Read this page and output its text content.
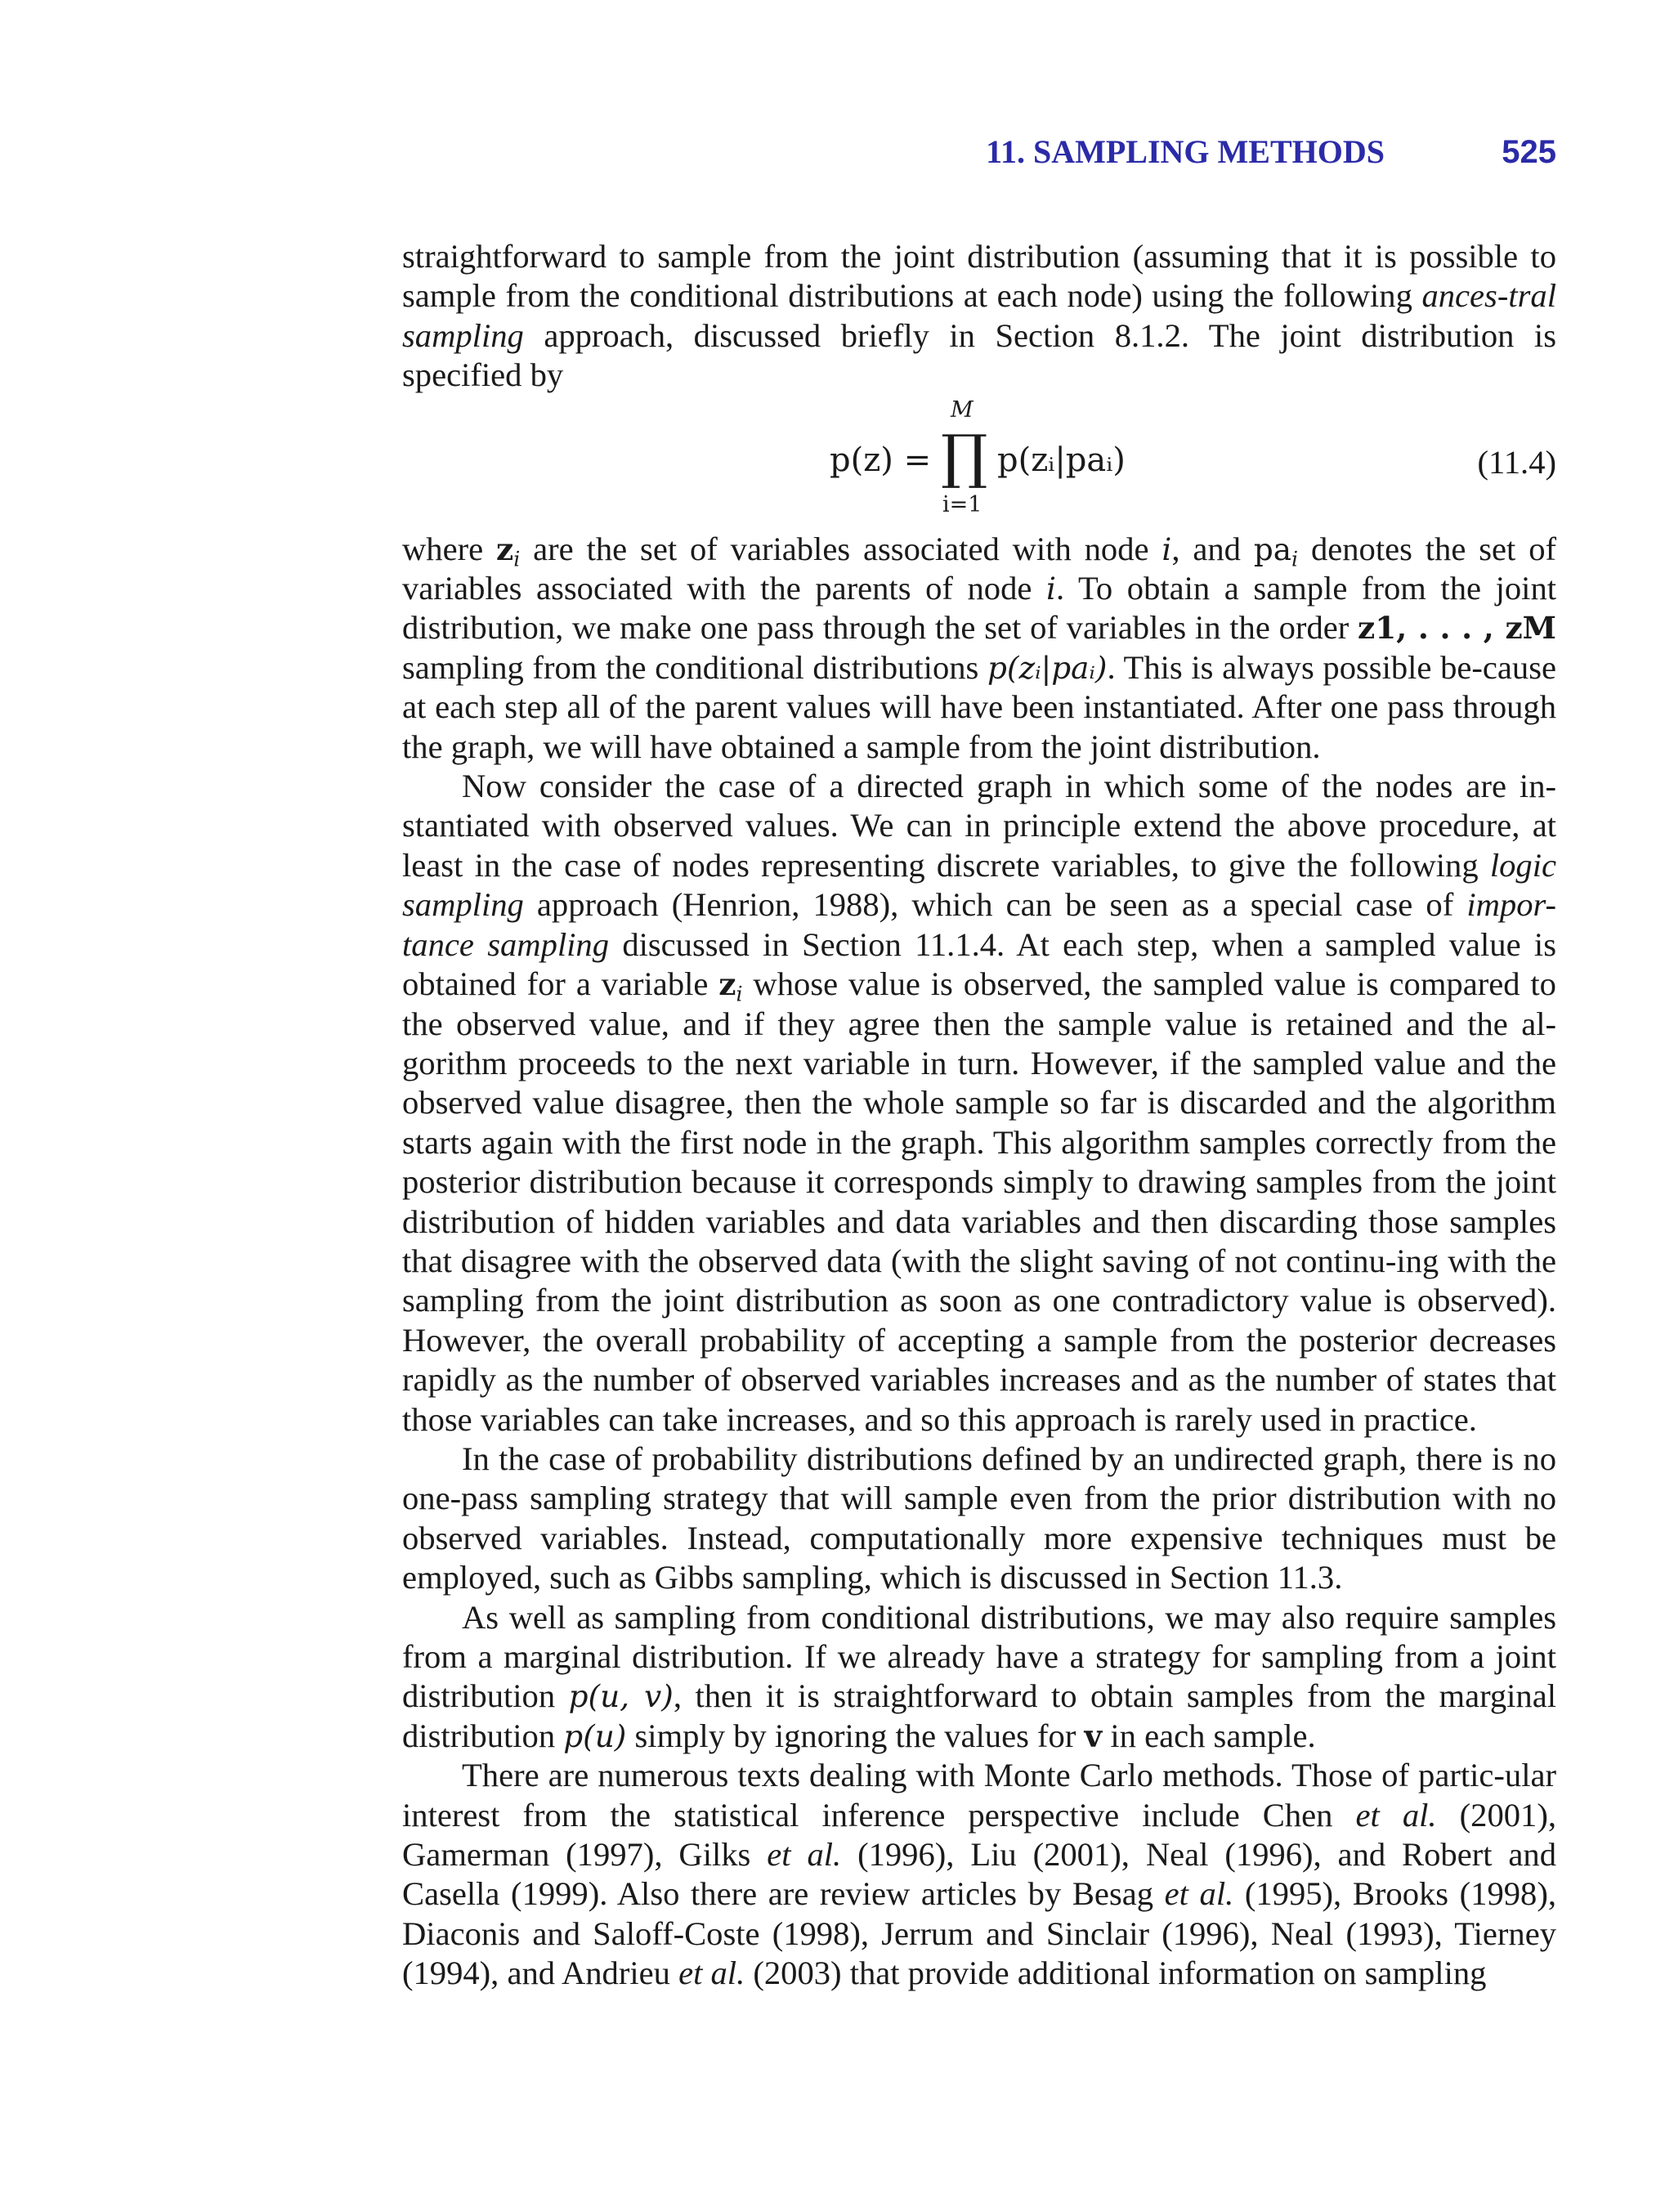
11. SAMPLING METHODS	525

straightforward to sample from the joint distribution (assuming that it is possible to sample from the conditional distributions at each node) using the following ances-tral sampling approach, discussed briefly in Section 8.1.2. The joint distribution is specified by

p(z) =
M
∏
i=1
p(zᵢ|paᵢ)	(11.4)

where $z_i$ are the set of variables associated with node i, and $pa_i$ denotes the set of variables associated with the parents of node i. To obtain a sample from the joint distribution, we make one pass through the set of variables in the order z1, . . . , zM sampling from the conditional distributions p(zᵢ|paᵢ). This is always possible be-cause at each step all of the parent values will have been instantiated. After one pass through the graph, we will have obtained a sample from the joint distribution.

Now consider the case of a directed graph in which some of the nodes are in-stantiated with observed values. We can in principle extend the above procedure, at least in the case of nodes representing discrete variables, to give the following logic sampling approach (Henrion, 1988), which can be seen as a special case of impor-tance sampling discussed in Section 11.1.4. At each step, when a sampled value is obtained for a variable $z_i$ whose value is observed, the sampled value is compared to the observed value, and if they agree then the sample value is retained and the al-gorithm proceeds to the next variable in turn. However, if the sampled value and the observed value disagree, then the whole sample so far is discarded and the algorithm starts again with the first node in the graph. This algorithm samples correctly from the posterior distribution because it corresponds simply to drawing samples from the joint distribution of hidden variables and data variables and then discarding those samples that disagree with the observed data (with the slight saving of not continu-ing with the sampling from the joint distribution as soon as one contradictory value is observed). However, the overall probability of accepting a sample from the posterior decreases rapidly as the number of observed variables increases and as the number of states that those variables can take increases, and so this approach is rarely used in practice.

In the case of probability distributions defined by an undirected graph, there is no one-pass sampling strategy that will sample even from the prior distribution with no observed variables. Instead, computationally more expensive techniques must be employed, such as Gibbs sampling, which is discussed in Section 11.3.

As well as sampling from conditional distributions, we may also require samples from a marginal distribution. If we already have a strategy for sampling from a joint distribution p(u, v), then it is straightforward to obtain samples from the marginal distribution p(u) simply by ignoring the values for v in each sample.

There are numerous texts dealing with Monte Carlo methods. Those of partic-ular interest from the statistical inference perspective include Chen et al. (2001), Gamerman (1997), Gilks et al. (1996), Liu (2001), Neal (1996), and Robert and Casella (1999). Also there are review articles by Besag et al. (1995), Brooks (1998), Diaconis and Saloff-Coste (1998), Jerrum and Sinclair (1996), Neal (1993), Tierney (1994), and Andrieu et al. (2003) that provide additional information on sampling
